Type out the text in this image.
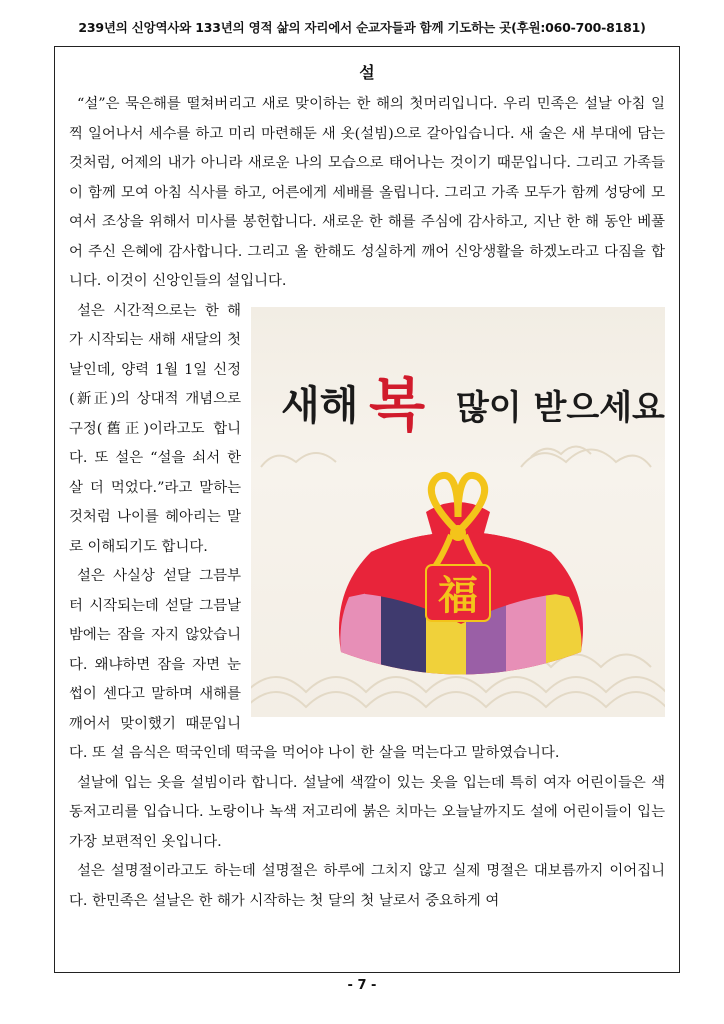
239년의 신앙역사와 133년의 영적 삶의 자리에서 순교자들과 함께 기도하는 곳(후원:060-700-8181)
설

“설”은 묵은해를 떨쳐버리고 새로 맞이하는 한 해의 첫머리입니다. 우리 민족은 설날 아침 일찍 일어나서 세수를 하고 미리 마련해둔 새 옷(설빔)으로 갈아입습니다. 새 술은 새 부대에 담는 것처럼, 어제의 내가 아니라 새로운 나의 모습으로 태어나는 것이기 때문입니다. 그리고 가족들이 함께 모여 아침 식사를 하고, 어른에게 세배를 올립니다. 그리고 가족 모두가 함께 성당에 모여서 조상을 위해서 미사를 봉헌합니다. 새로운 한 해를 주심에 감사하고, 지난 한 해 동안 베풀어 주신 은혜에 감사합니다. 그리고 올 한해도 성실하게 깨어 신앙생활을 하겠노라고 다짐을 합니다. 이것이 신앙인들의 설입니다.

새해 복 많이 받으세요
福

설은 시간적으로는 한 해가 시작되는 새해 새달의 첫 날인데, 양력 1월 1일 신정(新正)의 상대적 개념으로 구정(舊正)이라고도 합니다. 또 설은 “설을 쇠서 한 살 더 먹었다.”라고 말하는 것처럼 나이를 헤아리는 말로 이해되기도 합니다.

설은 사실상 섣달 그믐부터 시작되는데 섣달 그믐날 밤에는 잠을 자지 않았습니다. 왜냐하면 잠을 자면 눈썹이 센다고 말하며 새해를 깨어서 맞이했기 때문입니다. 또 설 음식은 떡국인데 떡국을 먹어야 나이 한 살을 먹는다고 말하였습니다.

설날에 입는 옷을 설빔이라 합니다. 설날에 색깔이 있는 옷을 입는데 특히 여자 어린이들은 색동저고리를 입습니다. 노랑이나 녹색 저고리에 붉은 치마는 오늘날까지도 설에 어린이들이 입는 가장 보편적인 옷입니다.

설은 설명절이라고도 하는데 설명절은 하루에 그치지 않고 실제 명절은 대보름까지 이어집니다. 한민족은 설날은 한 해가 시작하는 첫 달의 첫 날로서 중요하게 여

- 7 -
